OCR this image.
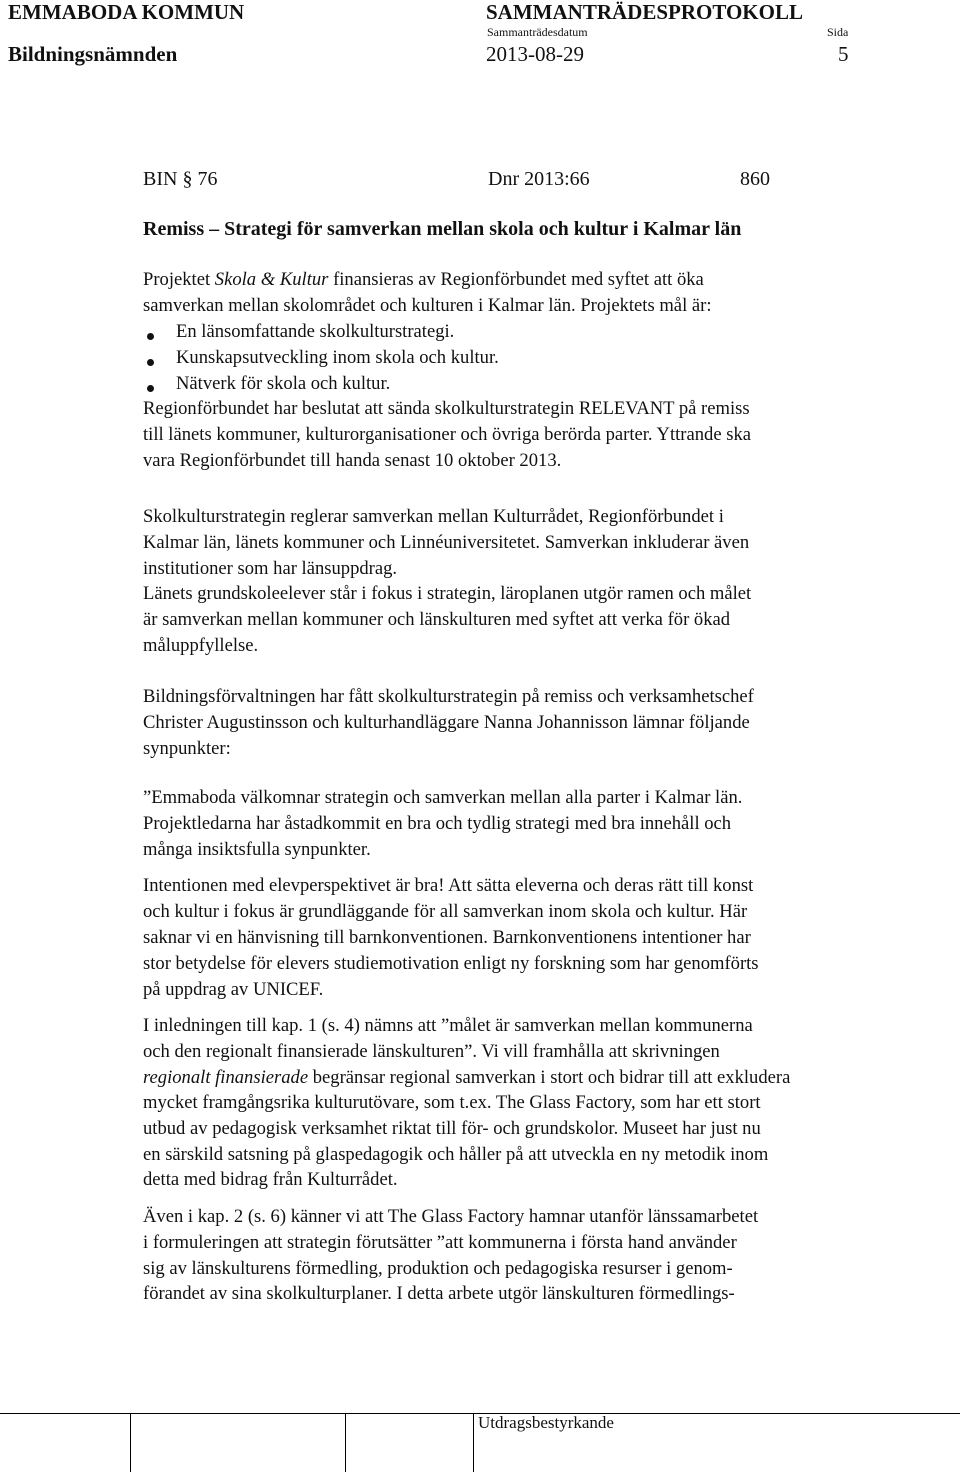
EMMABODA KOMMUN	SAMMANTRÄDESPROTOKOLL
Sammanträdesdatum	Sida
Bildningsnämnden	2013-08-29	5
BIN § 76	Dnr 2013:66	860
Remiss – Strategi för samverkan mellan skola och kultur i Kalmar län
Projektet Skola & Kultur finansieras av Regionförbundet med syftet att öka
samverkan mellan skolområdet och kulturen i Kalmar län. Projektets mål är:
En länsomfattande skolkulturstrategi.
Kunskapsutveckling inom skola och kultur.
Nätverk för skola och kultur.
Regionförbundet har beslutat att sända skolkulturstrategin RELEVANT på remiss
till länets kommuner, kulturorganisationer och övriga berörda parter. Yttrande ska
vara Regionförbundet till handa senast 10 oktober 2013.
Skolkulturstrategin reglerar samverkan mellan Kulturrådet, Regionförbundet i
Kalmar län, länets kommuner och Linnéuniversitetet. Samverkan inkluderar även
institutioner som har länsuppdrag.
Länets grundskoleelever står i fokus i strategin, läroplanen utgör ramen och målet
är samverkan mellan kommuner och länskulturen med syftet att verka för ökad
måluppfyllelse.
Bildningsförvaltningen har fått skolkulturstrategin på remiss och verksamhetschef
Christer Augustinsson och kulturhandläggare Nanna Johannisson lämnar följande
synpunkter:
”Emmaboda välkomnar strategin och samverkan mellan alla parter i Kalmar län.
Projektledarna har åstadkommit en bra och tydlig strategi med bra innehåll och
många insiktsfulla synpunkter.
Intentionen med elevperspektivet är bra! Att sätta eleverna och deras rätt till konst
och kultur i fokus är grundläggande för all samverkan inom skola och kultur. Här
saknar vi en hänvisning till barnkonventionen. Barnkonventionens intentioner har
stor betydelse för elevers studiemotivation enligt ny forskning som har genomförts
på uppdrag av UNICEF.
I inledningen till kap. 1 (s. 4) nämns att ”målet är samverkan mellan kommunerna
och den regionalt finansierade länskulturen”. Vi vill framhålla att skrivningen
regionalt finansierade begränsar regional samverkan i stort och bidrar till att exkludera
mycket framgångsrika kulturutövare, som t.ex. The Glass Factory, som har ett stort
utbud av pedagogisk verksamhet riktat till för- och grundskolor. Museet har just nu
en särskild satsning på glaspedagogik och håller på att utveckla en ny metodik inom
detta med bidrag från Kulturrådet.
Även i kap. 2 (s. 6) känner vi att The Glass Factory hamnar utanför länssamarbetet
i formuleringen att strategin förutsätter ”att kommunerna i första hand använder
sig av länskulturens förmedling, produktion och pedagogiska resurser i genom-
förandet av sina skolkulturplaner. I detta arbete utgör länskulturen förmedlings-
Utdragsbestyrkande
